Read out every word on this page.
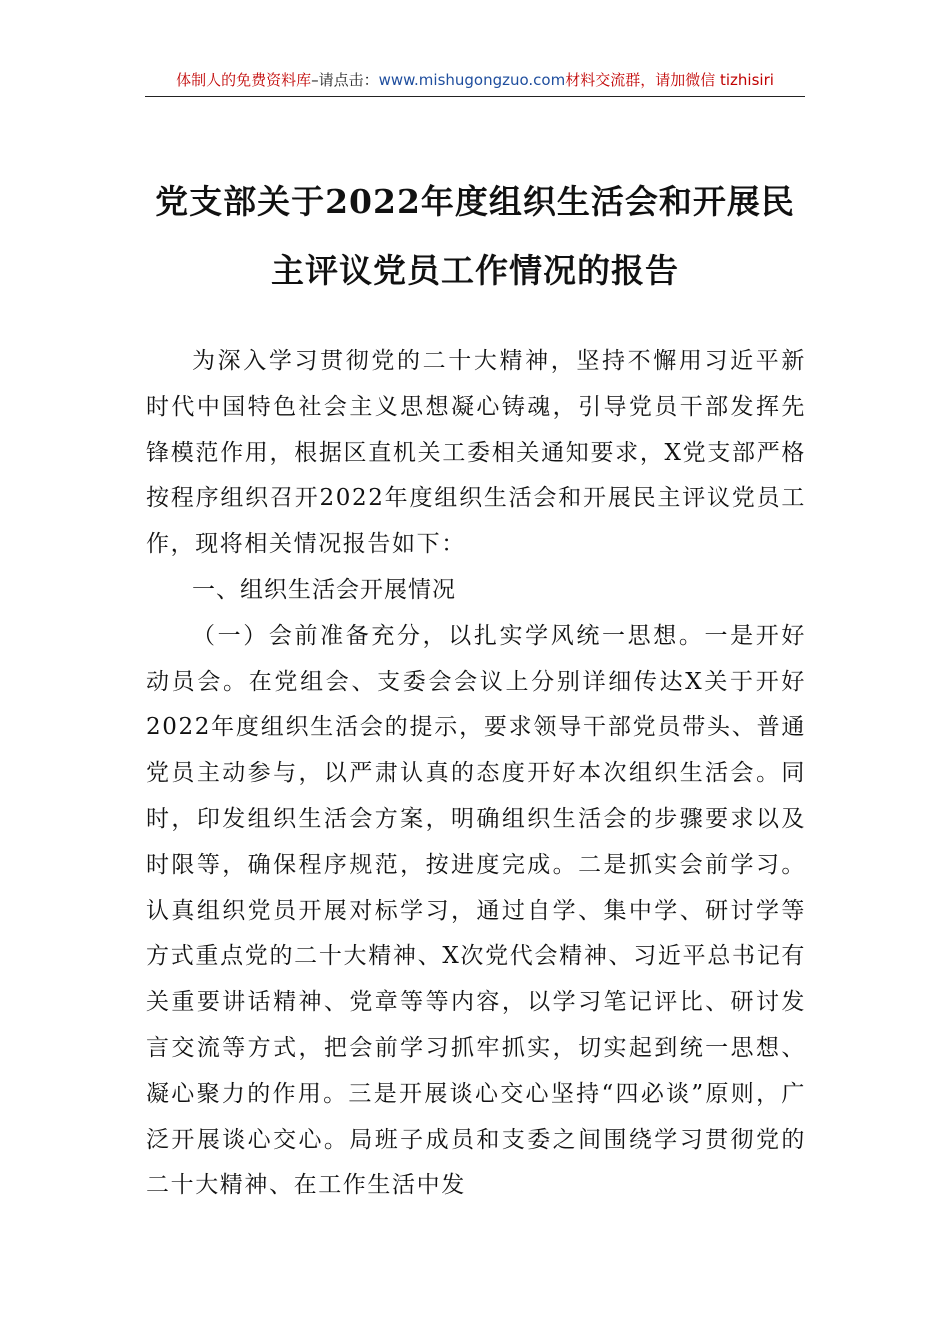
体制人的免费资料库–请点击：www.mishugongzuo.com材料交流群，请加微信 tizhisiri
党支部关于2022年度组织生活会和开展民
主评议党员工作情况的报告

为深入学习贯彻党的二十大精神，坚持不懈用习近平新时代中国特色社会主义思想凝心铸魂，引导党员干部发挥先锋模范作用，根据区直机关工委相关通知要求，X党支部严格按程序组织召开2022年度组织生活会和开展民主评议党员工作，现将相关情况报告如下：

一、组织生活会开展情况

（一）会前准备充分，以扎实学风统一思想。一是开好动员会。在党组会、支委会会议上分别详细传达X关于开好2022年度组织生活会的提示，要求领导干部党员带头、普通党员主动参与，以严肃认真的态度开好本次组织生活会。同时，印发组织生活会方案，明确组织生活会的步骤要求以及时限等，确保程序规范，按进度完成。二是抓实会前学习。认真组织党员开展对标学习，通过自学、集中学、研讨学等方式重点党的二十大精神、X次党代会精神、习近平总书记有关重要讲话精神、党章等等内容，以学习笔记评比、研讨发言交流等方式，把会前学习抓牢抓实，切实起到统一思想、凝心聚力的作用。三是开展谈心交心坚持“四必谈”原则，广泛开展谈心交心。局班子成员和支委之间围绕学习贯彻党的二十大精神、在工作生活中发
